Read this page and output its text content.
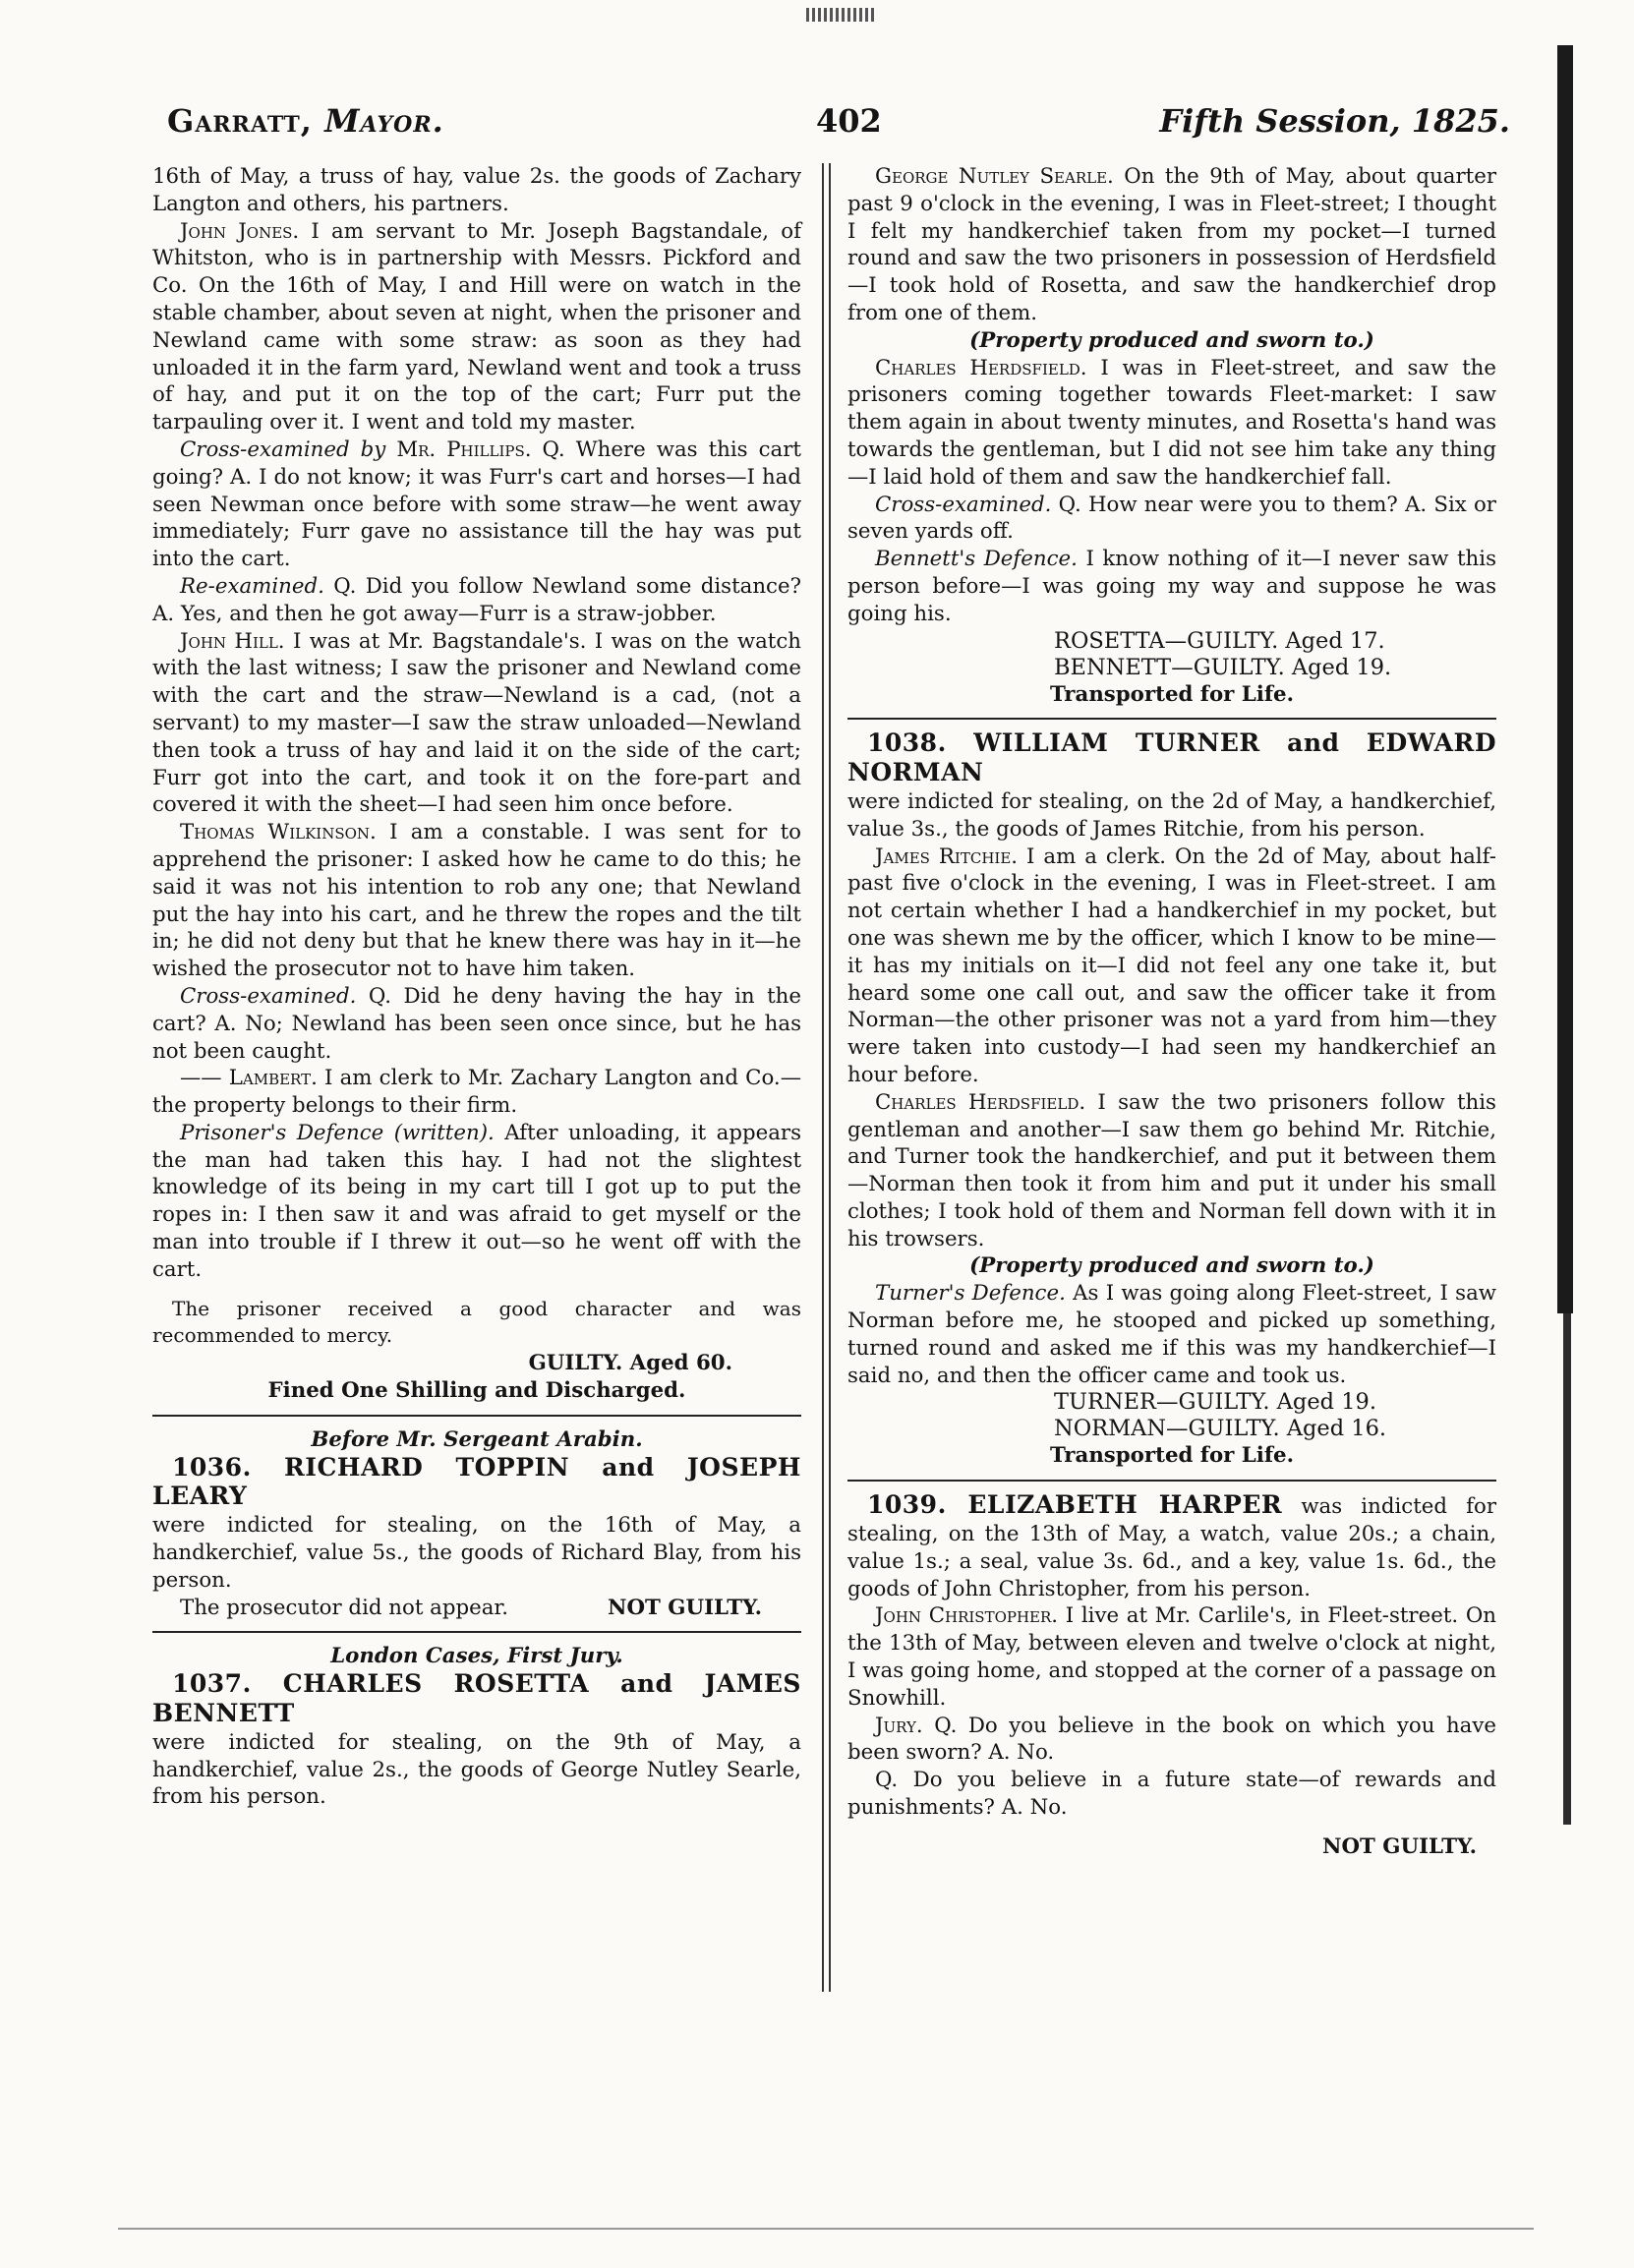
Garratt, Mayor.	402	Fifth Session, 1825.

16th of May, a truss of hay, value 2s. the goods of Zachary Langton and others, his partners.

John Jones. I am servant to Mr. Joseph Bagstandale, of Whitston, who is in partnership with Messrs. Pickford and Co. On the 16th of May, I and Hill were on watch in the stable chamber, about seven at night, when the prisoner and Newland came with some straw: as soon as they had unloaded it in the farm yard, Newland went and took a truss of hay, and put it on the top of the cart; Furr put the tarpauling over it. I went and told my master.

Cross-examined by Mr. Phillips. Q. Where was this cart going? A. I do not know; it was Furr's cart and horses—I had seen Newman once before with some straw—he went away immediately; Furr gave no assistance till the hay was put into the cart.

Re-examined. Q. Did you follow Newland some distance? A. Yes, and then he got away—Furr is a straw-jobber.

John Hill. I was at Mr. Bagstandale's. I was on the watch with the last witness; I saw the prisoner and Newland come with the cart and the straw—Newland is a cad, (not a servant) to my master—I saw the straw unloaded—Newland then took a truss of hay and laid it on the side of the cart; Furr got into the cart, and took it on the fore-part and covered it with the sheet—I had seen him once before.

Thomas Wilkinson. I am a constable. I was sent for to apprehend the prisoner: I asked how he came to do this; he said it was not his intention to rob any one; that Newland put the hay into his cart, and he threw the ropes and the tilt in; he did not deny but that he knew there was hay in it—he wished the prosecutor not to have him taken.

Cross-examined. Q. Did he deny having the hay in the cart? A. No; Newland has been seen once since, but he has not been caught.

—— Lambert. I am clerk to Mr. Zachary Langton and Co.—the property belongs to their firm.

Prisoner's Defence (written). After unloading, it appears the man had taken this hay. I had not the slightest knowledge of its being in my cart till I got up to put the ropes in: I then saw it and was afraid to get myself or the man into trouble if I threw it out—so he went off with the cart.

The prisoner received a good character and was recommended to mercy.

GUILTY. Aged 60.

Fined One Shilling and Discharged.

Before Mr. Sergeant Arabin.

1036. RICHARD TOPPIN and JOSEPH LEARY

were indicted for stealing, on the 16th of May, a handkerchief, value 5s., the goods of Richard Blay, from his person.

The prosecutor did not appear.	NOT GUILTY.

London Cases, First Jury.

1037. CHARLES ROSETTA and JAMES BENNETT

were indicted for stealing, on the 9th of May, a handkerchief, value 2s., the goods of George Nutley Searle, from his person.

George Nutley Searle. On the 9th of May, about quarter past 9 o'clock in the evening, I was in Fleet-street; I thought I felt my handkerchief taken from my pocket—I turned round and saw the two prisoners in possession of Herdsfield—I took hold of Rosetta, and saw the handkerchief drop from one of them.

(Property produced and sworn to.)

Charles Herdsfield. I was in Fleet-street, and saw the prisoners coming together towards Fleet-market: I saw them again in about twenty minutes, and Rosetta's hand was towards the gentleman, but I did not see him take any thing—I laid hold of them and saw the handkerchief fall.

Cross-examined. Q. How near were you to them? A. Six or seven yards off.

Bennett's Defence. I know nothing of it—I never saw this person before—I was going my way and suppose he was going his.

ROSETTA—GUILTY. Aged 17.
BENNETT—GUILTY. Aged 19.

Transported for Life.

1038. WILLIAM TURNER and EDWARD NORMAN

were indicted for stealing, on the 2d of May, a handkerchief, value 3s., the goods of James Ritchie, from his person.

James Ritchie. I am a clerk. On the 2d of May, about half-past five o'clock in the evening, I was in Fleet-street. I am not certain whether I had a handkerchief in my pocket, but one was shewn me by the officer, which I know to be mine—it has my initials on it—I did not feel any one take it, but heard some one call out, and saw the officer take it from Norman—the other prisoner was not a yard from him—they were taken into custody—I had seen my handkerchief an hour before.

Charles Herdsfield. I saw the two prisoners follow this gentleman and another—I saw them go behind Mr. Ritchie, and Turner took the handkerchief, and put it between them—Norman then took it from him and put it under his small clothes; I took hold of them and Norman fell down with it in his trowsers.

(Property produced and sworn to.)

Turner's Defence. As I was going along Fleet-street, I saw Norman before me, he stooped and picked up something, turned round and asked me if this was my handkerchief—I said no, and then the officer came and took us.

TURNER—GUILTY. Aged 19.
NORMAN—GUILTY. Aged 16.

Transported for Life.

1039. ELIZABETH HARPER was indicted for stealing, on the 13th of May, a watch, value 20s.; a chain, value 1s.; a seal, value 3s. 6d., and a key, value 1s. 6d., the goods of John Christopher, from his person.

John Christopher. I live at Mr. Carlile's, in Fleet-street. On the 13th of May, between eleven and twelve o'clock at night, I was going home, and stopped at the corner of a passage on Snowhill.

Jury. Q. Do you believe in the book on which you have been sworn? A. No.

Q. Do you believe in a future state—of rewards and punishments? A. No.

NOT GUILTY.
